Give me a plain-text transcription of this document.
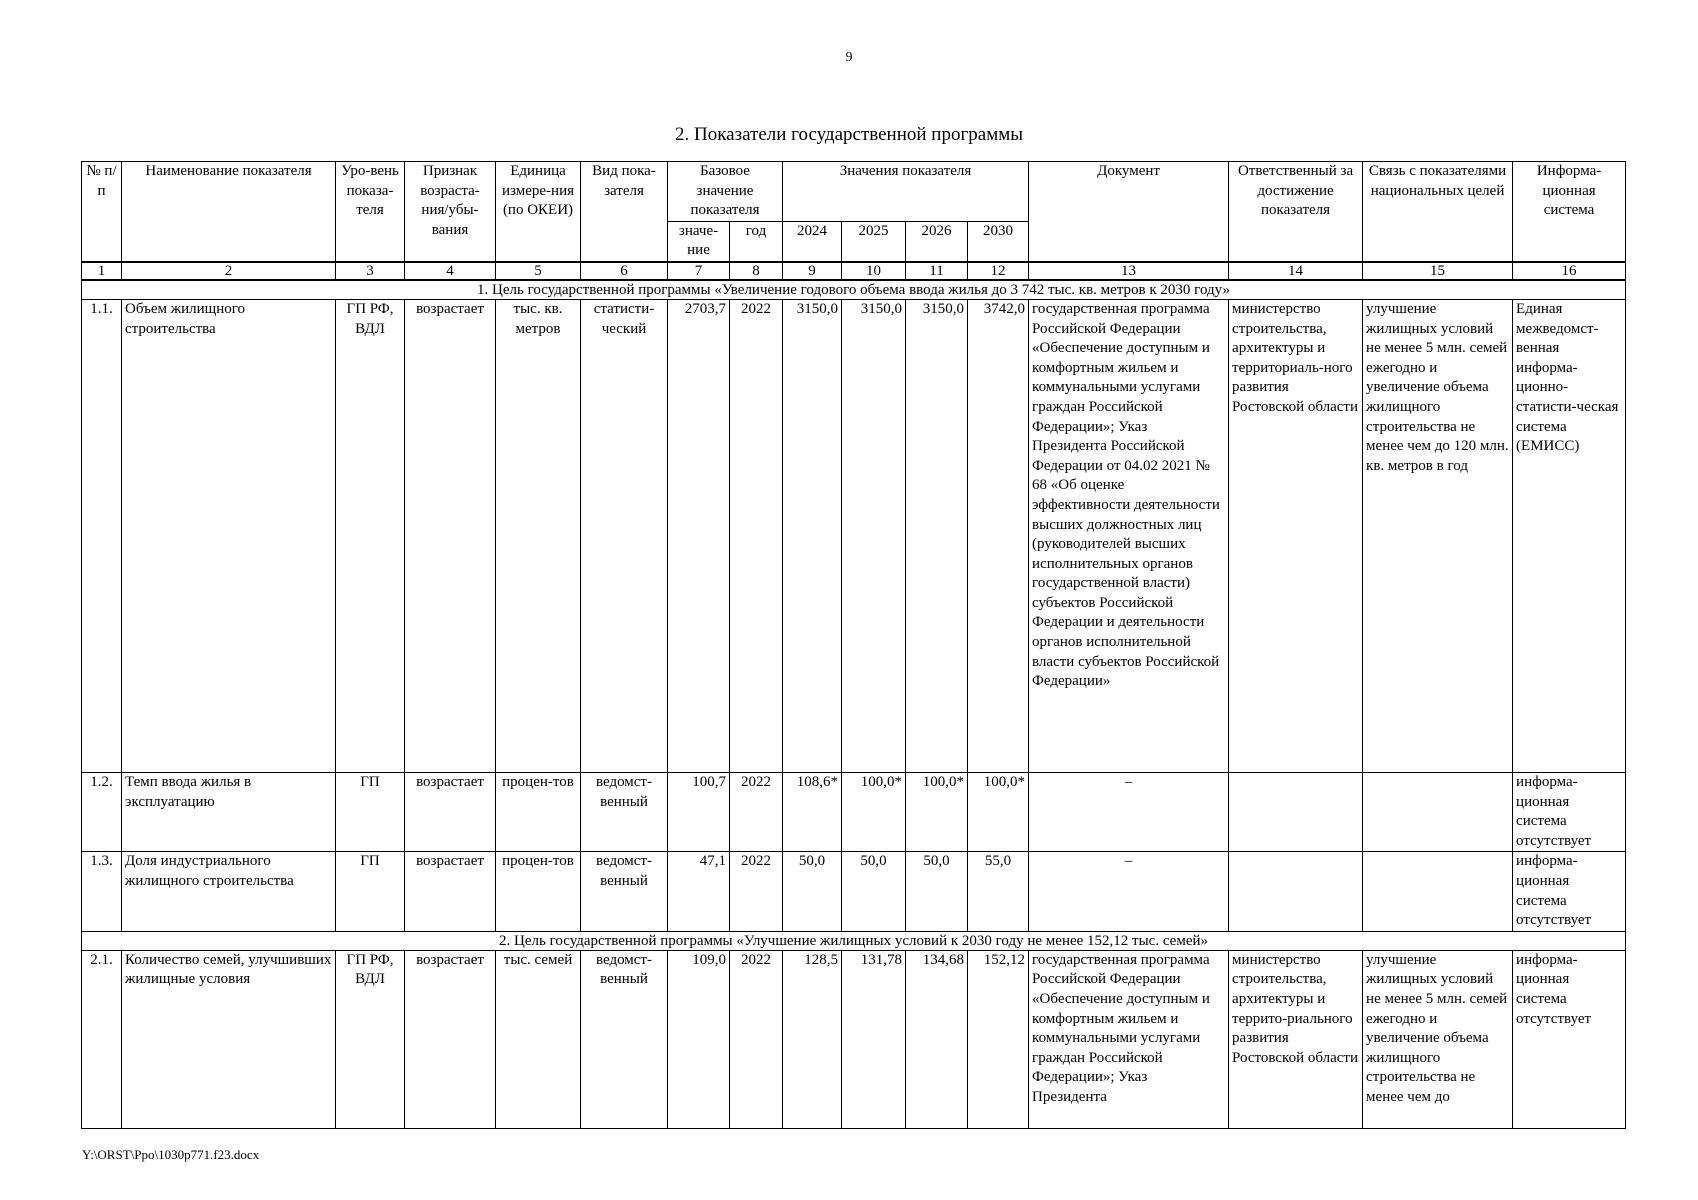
9
2. Показатели государственной программы
№ п/п	Наименование показателя	Уро-вень показа-теля	Признак возраста-ния/убы-вания	Единица измере-ния (по ОКЕИ)	Вид пока-зателя	Базовое значение показателя		Значения показателя				Документ	Ответственный за достижение показателя	Связь с показателями национальных целей	Информа-ционная система
						значе-ние	год	2024	2025	2026	2030				
1	2	3	4	5	6	7	8	9	10	11	12	13	14	15	16
1. Цель государственной программы «Увеличение годового объема ввода жилья до 3 742 тыс. кв. метров к 2030 году»															
1.1.	Объем жилищного строительства	ГП РФ, ВДЛ	возрастает	тыс. кв. метров	статисти-ческий	2703,7	2022	3150,0	3150,0	3150,0	3742,0	государственная программа Российской Федерации «Обеспечение доступным и комфортным жильем и коммунальными услугами граждан Российской Федерации»; Указ Президента Российской Федерации от 04.02 2021 № 68 «Об оценке эффективности деятельности высших должностных лиц (руководителей высших исполнительных органов государственной власти) субъектов Российской Федерации и деятельности органов исполнительной власти субъектов Российской Федерации»	министерство строительства, архитектуры и территориаль-ного развития Ростовской области	улучшение жилищных условий не менее 5 млн. семей ежегодно и увеличение объема жилищного строительства не менее чем до 120 млн. кв. метров в год	Единая межведомст-венная информа-ционно-статисти-ческая система (ЕМИСС)
1.2.	Темп ввода жилья в эксплуатацию	ГП	возрастает	процен-тов	ведомст-венный	100,7	2022	108,6*	100,0*	100,0*	100,0*	–			информа-ционная система отсутствует
1.3.	Доля индустриального жилищного строительства	ГП	возрастает	процен-тов	ведомст-венный	47,1	2022	50,0	50,0	50,0	55,0	–			информа-ционная система отсутствует
2. Цель государственной программы «Улучшение жилищных условий к 2030 году не менее 152,12 тыс. семей»															
2.1.	Количество семей, улучшивших жилищные условия	ГП РФ, ВДЛ	возрастает	тыс. семей	ведомст-венный	109,0	2022	128,5	131,78	134,68	152,12	государственная программа Российской Федерации «Обеспечение доступным и комфортным жильем и коммунальными услугами граждан Российской Федерации»; Указ Президента	министерство строительства, архитектуры и террито-риального развития Ростовской области	улучшение жилищных условий не менее 5 млн. семей ежегодно и увеличение объема жилищного строительства не менее чем до	информа-ционная система отсутствует
Y:\ORST\Ppo\1030p771.f23.docx
